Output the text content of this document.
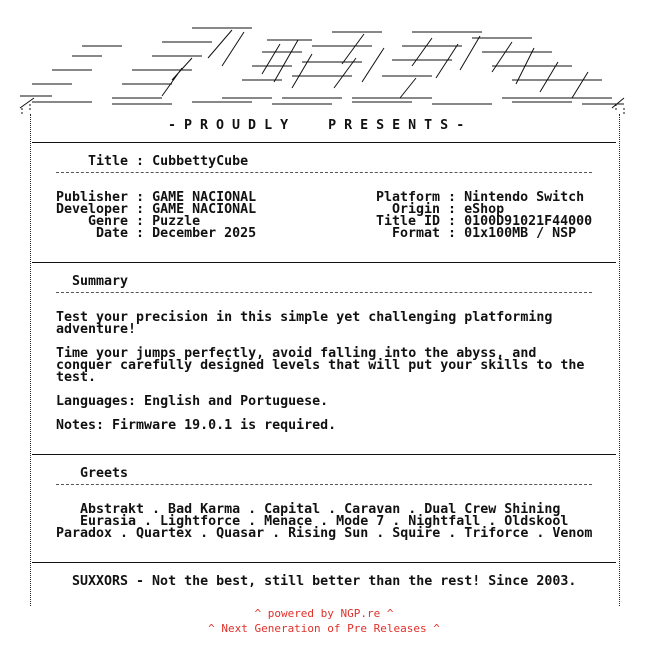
- P R O U D L Y     P R E S E N T S -
Title : CubbettyCube
Publisher : GAME NACIONAL
Developer : GAME NACIONAL
Genre : Puzzle
Date : December 2025
Platform : Nintendo Switch
Origin : eShop
Title ID : 0100D91021F44000
Format : 01x100MB / NSP
Summary
Test your precision in this simple yet challenging platforming
adventure!
Time your jumps perfectly, avoid falling into the abyss, and
conquer carefully designed levels that will put your skills to the
test.
Languages: English and Portuguese.
Notes: Firmware 19.0.1 is required.
Greets
Abstrakt . Bad Karma . Capital . Caravan . Dual Crew Shining
Eurasia . Lightforce . Menace . Mode 7 . Nightfall . Oldskool
Paradox . Quartex . Quasar . Rising Sun . Squire . Triforce . Venom
SUXXORS - Not the best, still better than the rest! Since 2003.
^ powered by NGP.re ^
^ Next Generation of Pre Releases ^
